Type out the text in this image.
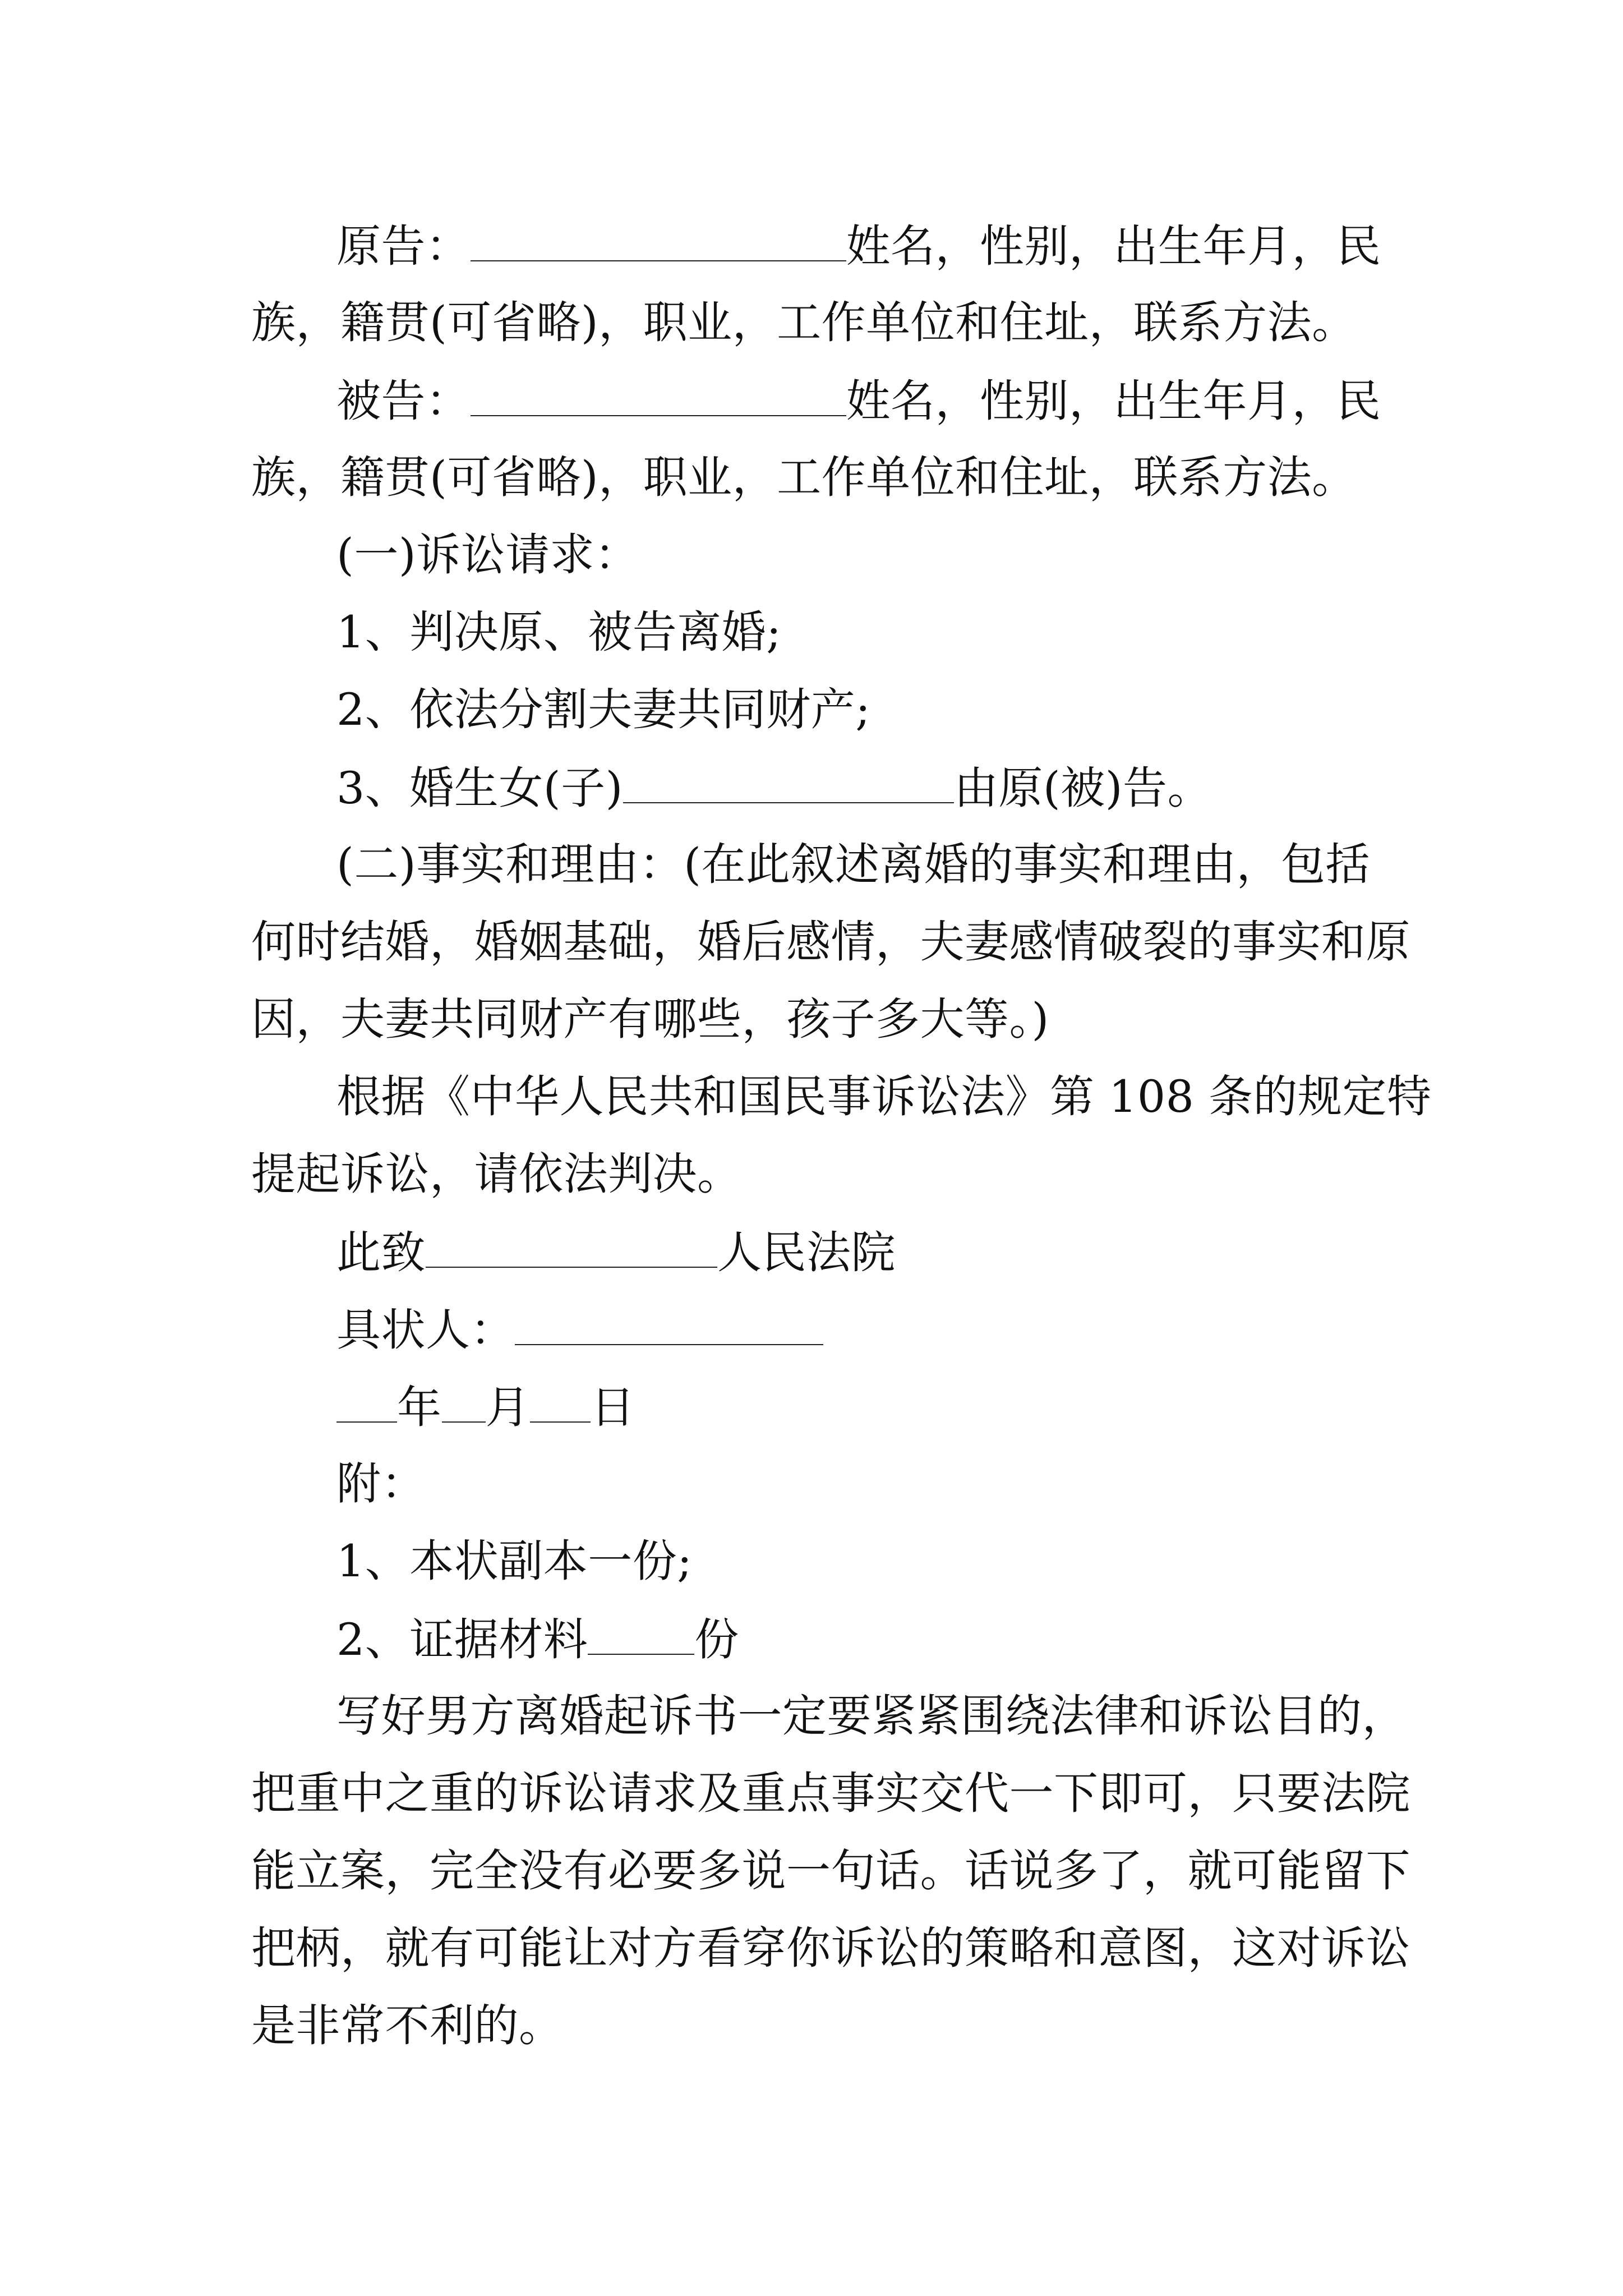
原告：	姓名，性别，出生年月，民

族，籍贯(可省略)，职业，工作单位和住址，联系方法。

被告：	姓名，性别，出生年月，民

族，籍贯(可省略)，职业，工作单位和住址，联系方法。

(一)诉讼请求：

1、判决原、被告离婚;

2、依法分割夫妻共同财产;

3、婚生女(子)	由原(被)告。

(二)事实和理由：(在此叙述离婚的事实和理由，包括

何时结婚，婚姻基础，婚后感情，夫妻感情破裂的事实和原

因，夫妻共同财产有哪些，孩子多大等。)

根据《中华人民共和国民事诉讼法》第 108 条的规定特

提起诉讼，请依法判决。

此致	人民法院

具状人：

年 月 日

附：

1、本状副本一份;

2、证据材料 份

写好男方离婚起诉书一定要紧紧围绕法律和诉讼目的，

把重中之重的诉讼请求及重点事实交代一下即可，只要法院

能立案，完全没有必要多说一句话。话说多了，就可能留下

把柄，就有可能让对方看穿你诉讼的策略和意图，这对诉讼

是非常不利的。
